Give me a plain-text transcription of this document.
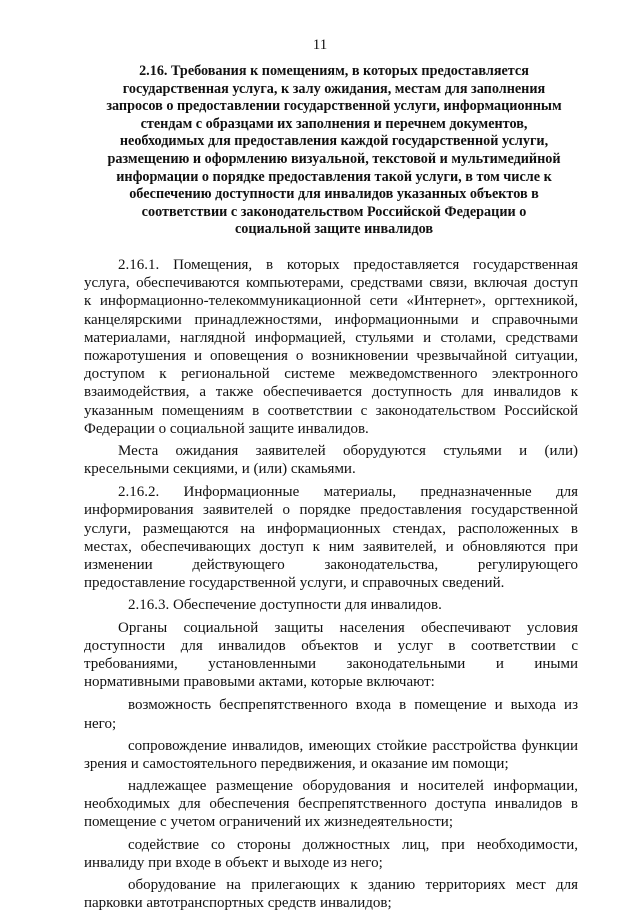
11
2.16. Требования к помещениям, в которых предоставляется
государственная услуга, к залу ожидания, местам для заполнения
запросов о предоставлении государственной услуги, информационным
стендам с образцами их заполнения и перечнем документов,
необходимых для предоставления каждой государственной услуги,
размещению и оформлению визуальной, текстовой и мультимедийной
информации о порядке предоставления такой услуги, в том числе к
обеспечению доступности для инвалидов указанных объектов в
соответствии с законодательством Российской Федерации о
социальной защите инвалидов
2.16.1. Помещения, в которых предоставляется государственная
услуга, обеспечиваются компьютерами, средствами связи, включая доступ
к информационно-телекоммуникационной сети «Интернет», оргтехникой,
канцелярскими принадлежностями, информационными и справочными
материалами, наглядной информацией, стульями и столами, средствами
пожаротушения и оповещения о возникновении чрезвычайной ситуации,
доступом к региональной системе межведомственного электронного
взаимодействия, а также обеспечивается доступность для инвалидов к
указанным помещениям в соответствии с законодательством Российской
Федерации о социальной защите инвалидов.
Места ожидания заявителей оборудуются стульями и (или)
кресельными секциями, и (или) скамьями.
2.16.2. Информационные материалы, предназначенные для
информирования заявителей о порядке предоставления государственной
услуги, размещаются на информационных стендах, расположенных в
местах, обеспечивающих доступ к ним заявителей, и обновляются при
изменении действующего законодательства, регулирующего
предоставление государственной услуги, и справочных сведений.
2.16.3. Обеспечение доступности для инвалидов.
Органы социальной защиты населения обеспечивают условия
доступности для инвалидов объектов и услуг в соответствии с
требованиями, установленными законодательными и иными
нормативными правовыми актами, которые включают:
возможность беспрепятственного входа в помещение и выхода из
него;
сопровождение инвалидов, имеющих стойкие расстройства функции
зрения и самостоятельного передвижения, и оказание им помощи;
надлежащее размещение оборудования и носителей информации,
необходимых для обеспечения беспрепятственного доступа инвалидов в
помещение с учетом ограничений их жизнедеятельности;
содействие со стороны должностных лиц, при необходимости,
инвалиду при входе в объект и выходе из него;
оборудование на прилегающих к зданию территориях мест для
парковки автотранспортных средств инвалидов;
